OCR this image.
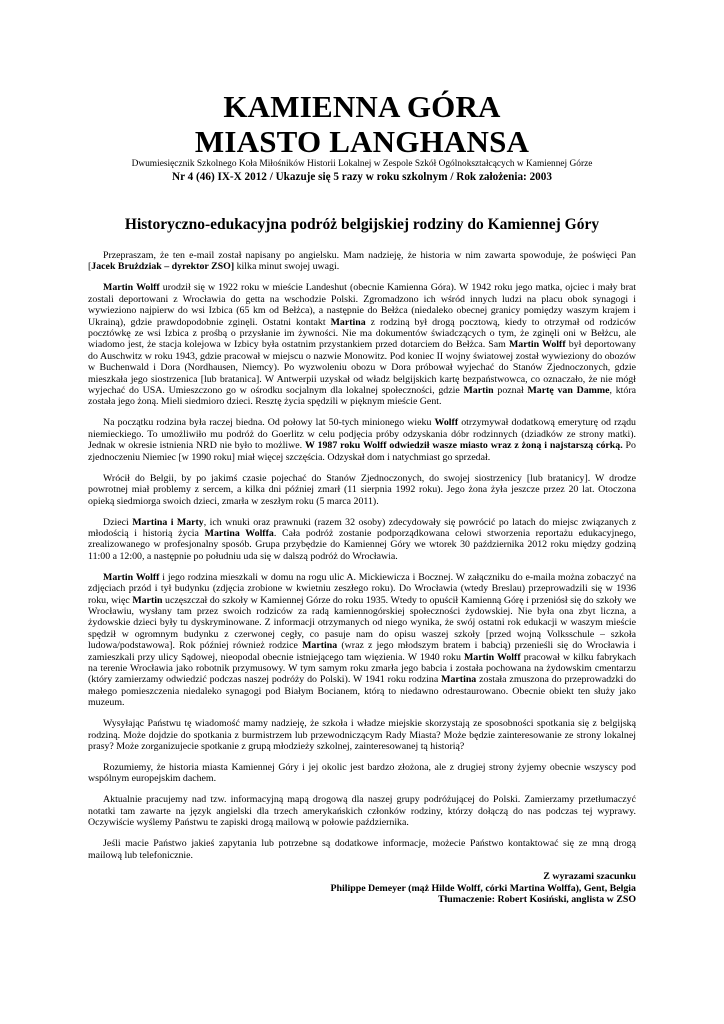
KAMIENNA GÓRA
MIASTO LANGHANSA
Dwumiesięcznik Szkolnego Koła Miłośników Historii Lokalnej w Zespole Szkół Ogólnokształcących w Kamiennej Górze
Nr 4 (46) IX-X 2012 / Ukazuje się 5 razy w roku szkolnym / Rok założenia: 2003
Historyczno-edukacyjna podróż belgijskiej rodziny do Kamiennej Góry

Przepraszam, że ten e-mail został napisany po angielsku. Mam nadzieję, że historia w nim zawarta spowoduje, że poświęci Pan [Jacek Brużdziak – dyrektor ZSO] kilka minut swojej uwagi.

Martin Wolff urodził się w 1922 roku w mieście Landeshut (obecnie Kamienna Góra). W 1942 roku jego matka, ojciec i mały brat zostali deportowani z Wrocławia do getta na wschodzie Polski. Zgromadzono ich wśród innych ludzi na placu obok synagogi i wywieziono najpierw do wsi Izbica (65 km od Bełżca), a następnie do Bełżca (niedaleko obecnej granicy pomiędzy waszym krajem i Ukrainą), gdzie prawdopodobnie zginęli. Ostatni kontakt Martina z rodziną był drogą pocztową, kiedy to otrzymał od rodziców pocztówkę ze wsi Izbica z prośbą o przysłanie im żywności. Nie ma dokumentów świadczących o tym, że zginęli oni w Bełżcu, ale wiadomo jest, że stacja kolejowa w Izbicy była ostatnim przystankiem przed dotarciem do Bełżca. Sam Martin Wolff był deportowany do Auschwitz w roku 1943, gdzie pracował w miejscu o nazwie Monowitz. Pod koniec II wojny światowej został wywieziony do obozów w Buchenwald i Dora (Nordhausen, Niemcy). Po wyzwoleniu obozu w Dora próbował wyjechać do Stanów Zjednoczonych, gdzie mieszkała jego siostrzenica [lub bratanica]. W Antwerpii uzyskał od władz belgijskich kartę bezpaństwowca, co oznaczało, że nie mógł wyjechać do USA. Umieszczono go w ośrodku socjalnym dla lokalnej społeczności, gdzie Martin poznał Martę van Damme, która została jego żoną. Mieli siedmioro dzieci. Resztę życia spędzili w pięknym mieście Gent.

Na początku rodzina była raczej biedna. Od połowy lat 50-tych minionego wieku Wolff otrzymywał dodatkową emeryturę od rządu niemieckiego. To umożliwiło mu podróż do Goerlitz w celu podjęcia próby odzyskania dóbr rodzinnych (dziadków ze strony matki). Jednak w okresie istnienia NRD nie było to możliwe. W 1987 roku Wolff odwiedził wasze miasto wraz z żoną i najstarszą córką. Po zjednoczeniu Niemiec [w 1990 roku] miał więcej szczęścia. Odzyskał dom i natychmiast go sprzedał.

Wrócił do Belgii, by po jakimś czasie pojechać do Stanów Zjednoczonych, do swojej siostrzenicy [lub bratanicy]. W drodze powrotnej miał problemy z sercem, a kilka dni później zmarł (11 sierpnia 1992 roku). Jego żona żyła jeszcze przez 20 lat. Otoczona opieką siedmiorga swoich dzieci, zmarła w zeszłym roku (5 marca 2011).

Dzieci Martina i Marty, ich wnuki oraz prawnuki (razem 32 osoby) zdecydowały się powrócić po latach do miejsc związanych z młodością i historią życia Martina Wolffa. Cała podróż zostanie podporządkowana celowi stworzenia reportażu edukacyjnego, zrealizowanego w profesjonalny sposób. Grupa przybędzie do Kamiennej Góry we wtorek 30 października 2012 roku między godziną 11:00 a 12:00, a następnie po południu uda się w dalszą podróż do Wrocławia.

Martin Wolff i jego rodzina mieszkali w domu na rogu ulic A. Mickiewicza i Bocznej. W załączniku do e-maila można zobaczyć na zdjęciach przód i tył budynku (zdjęcia zrobione w kwietniu zeszłego roku). Do Wrocławia (wtedy Breslau) przeprowadzili się w 1936 roku, więc Martin uczęszczał do szkoły w Kamiennej Górze do roku 1935. Wtedy to opuścił Kamienną Górę i przeniósł się do szkoły we Wrocławiu, wysłany tam przez swoich rodziców za radą kamiennogórskiej społeczności żydowskiej. Nie była ona zbyt liczna, a żydowskie dzieci były tu dyskryminowane. Z informacji otrzymanych od niego wynika, że swój ostatni rok edukacji w waszym mieście spędził w ogromnym budynku z czerwonej cegły, co pasuje nam do opisu waszej szkoły [przed wojną Volksschule – szkoła ludowa/podstawowa]. Rok później również rodzice Martina (wraz z jego młodszym bratem i babcią) przenieśli się do Wrocławia i zamieszkali przy ulicy Sądowej, nieopodal obecnie istniejącego tam więzienia. W 1940 roku Martin Wolff pracował w kilku fabrykach na terenie Wrocławia jako robotnik przymusowy. W tym samym roku zmarła jego babcia i została pochowana na żydowskim cmentarzu (który zamierzamy odwiedzić podczas naszej podróży do Polski). W 1941 roku rodzina Martina została zmuszona do przeprowadzki do małego pomieszczenia niedaleko synagogi pod Białym Bocianem, którą to niedawno odrestaurowano. Obecnie obiekt ten służy jako muzeum.

Wysyłając Państwu tę wiadomość mamy nadzieję, że szkoła i władze miejskie skorzystają ze sposobności spotkania się z belgijską rodziną. Może dojdzie do spotkania z burmistrzem lub przewodniczącym Rady Miasta? Może będzie zainteresowanie ze strony lokalnej prasy? Może zorganizujecie spotkanie z grupą młodzieży szkolnej, zainteresowanej tą historią?

Rozumiemy, że historia miasta Kamiennej Góry i jej okolic jest bardzo złożona, ale z drugiej strony żyjemy obecnie wszyscy pod wspólnym europejskim dachem.

Aktualnie pracujemy nad tzw. informacyjną mapą drogową dla naszej grupy podróżującej do Polski. Zamierzamy przetłumaczyć notatki tam zawarte na język angielski dla trzech amerykańskich członków rodziny, którzy dołączą do nas podczas tej wyprawy. Oczywiście wyślemy Państwu te zapiski drogą mailową w połowie października.

Jeśli macie Państwo jakieś zapytania lub potrzebne są dodatkowe informacje, możecie Państwo kontaktować się ze mną drogą mailową lub telefonicznie.

Z wyrazami szacunku
Philippe Demeyer (mąż Hilde Wolff, córki Martina Wolffa), Gent, Belgia
Tłumaczenie: Robert Kosiński, anglista w ZSO
